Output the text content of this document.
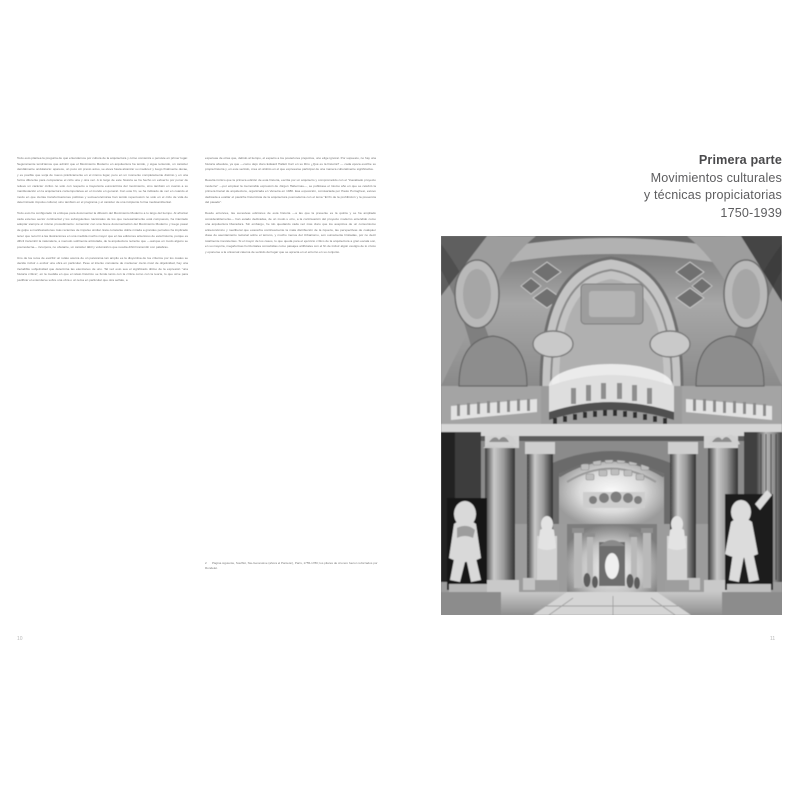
Todo esto plantea la pregunta de qué entendemos por cultura de la arquitectura y cómo comienza o persiste en primer lugar. Seguramente tendríamos que admitir que el Movimiento Moderno en arquitectura ha tenido, y sigue teniendo, un carácter dendiàmente ondulatorio: aparece, un poco sin previo aviso, se eleva hasta alcanzar su madurez y luego finalmente decae, y es posible que surja de nuevo prácticamente en el mismo lugar, pero en un momento completamente distinto y en una forma diferente para compararse el ciclo una y otra vez. A lo largo de este historia se ha hecho un esfuerzo por poner de relieve un carácter cíclico no sólo con respecto a trayectoria eurocéntrica del movimiento, sino también en cuanto a su manifestación en la arquitectura contemporánea en el mundo en general. Con este fin, se ha indicado de vez en cuando el modo en que ciertas transformaciones políticas y socioeconómicas han tenido repercusión no sólo en el ciclo de vida de determinado impulso cultural, sino también en el programa y el carácter de una incipiente forma medioambiental.

Todo esto ha configurado mi enfoque para documentar la difusión del Movimiento Moderno a lo largo del tiempo. Al afrontar cada extenso sector continental y los subsiguientes nacionales de los que necesariamente está compuesto, ha intentado adoptar siempre el mismo procedimiento: comenzar con una breve documentación del Movimiento Moderno y luego pasar de golpe a manifestaciones más recientes de impulso similar. Esta constante doble mirada a grandes períodos ha implicado tener que recurrir a las ilustraciones en una medida mucho mayor que en las ediciones anteriores de esta historia, porque es difícil transmitir la naturaleza, a menudo sutilmente articulada, de la arquitectura reciente que —aunque en modo alguno se posmoderna— incorpora, no obstante, un carácter lábil y volumétrico que resulta difícil transmitir con palabras.

Uno de los retos de escribir un relato acerca de un panorama tan amplio es la disyuntiva de los criterios por los cuales se decide incluir o excluir una obra en particular. Pese al intento constante de mantener cierto nivel de objetividad, hay una ineludible subjetividad que determina las elecciones de uno. Tal vez esto sea el significado último de la expresión "una historia crítica", en la medida en que el relato histórico se funde tanto con la crítica como con la teoría, lo que sirve para justificar el extenderse sobre una obra o un tema en particular que otra señale, a

expensas de otras que, debido al tiempo, el espacio a los posteriores prejuicios, uno elige ignorar. Por supuesto, no hay una historia absoluta, ya que —como dejó claro Edward Hallett Carr en su libro ¿Qué es la historia? — cada época escribe su propia historia y, en este sentido, crea un ámbito en el que expresarse participar de una manera culturalmente significativa.

Resulta irónico que la primera edición de esta historia, escrita por un arquitecto y comprometido con el "inacabado proyecto moderno" —por emplear la memorable expresión de Jürgen Habermas—, se publicase el mismo año en que se celebró la primera bienal de arquitectura, organizada en Venecia en 1980. Esa exposición, comisariada por Paolo Portoghesi, estuvo dedicada a exaltar el pastiche historicista de la arquitectura posmoderna con el lema "El fin de la prohibición y la presencia del pasado".

Desde entonces, las sucesivas ediciones de esta historia —a las que la presente es la quinta y se ha ampliado considerablemente— han estado dedicadas, de un modo u otro, a la continuación del proyecto moderno entendido como una arquitectura liberadora. Sin embargo, he ido quedando cada vez más claro que los auspicios de un consumismo antieconómico y neoliberal que exacerba continuamente la mala distribución de la riqueza, las perspectivas de cualquier clase de asentamiento racional sobre el terreno, y mucho menos del Urbanismo, son sumamente limitadas, por no decir totalmente inexistentes. Si el mayor de los casos, lo que queda para el ejercicio crítico de la arquitectura a gran escala son, en su mayoría, megaformas horizontales concebidas como paisajes artificiales con el fin de incluir algún vestigio de lo cívico y oponerse a la universal caterva de sentido del lugar que se aprecia en el entorno en su conjunto.

2 Página siguiente, Soufflot, Ste-Geneviève (ahora el Panteón), París, 1755-1780; los pilares de crucero fueron reforzados por Rondelet.
10
Primera parte
Movimientos culturales
y técnicas propiciatorias
1750-1939
11
